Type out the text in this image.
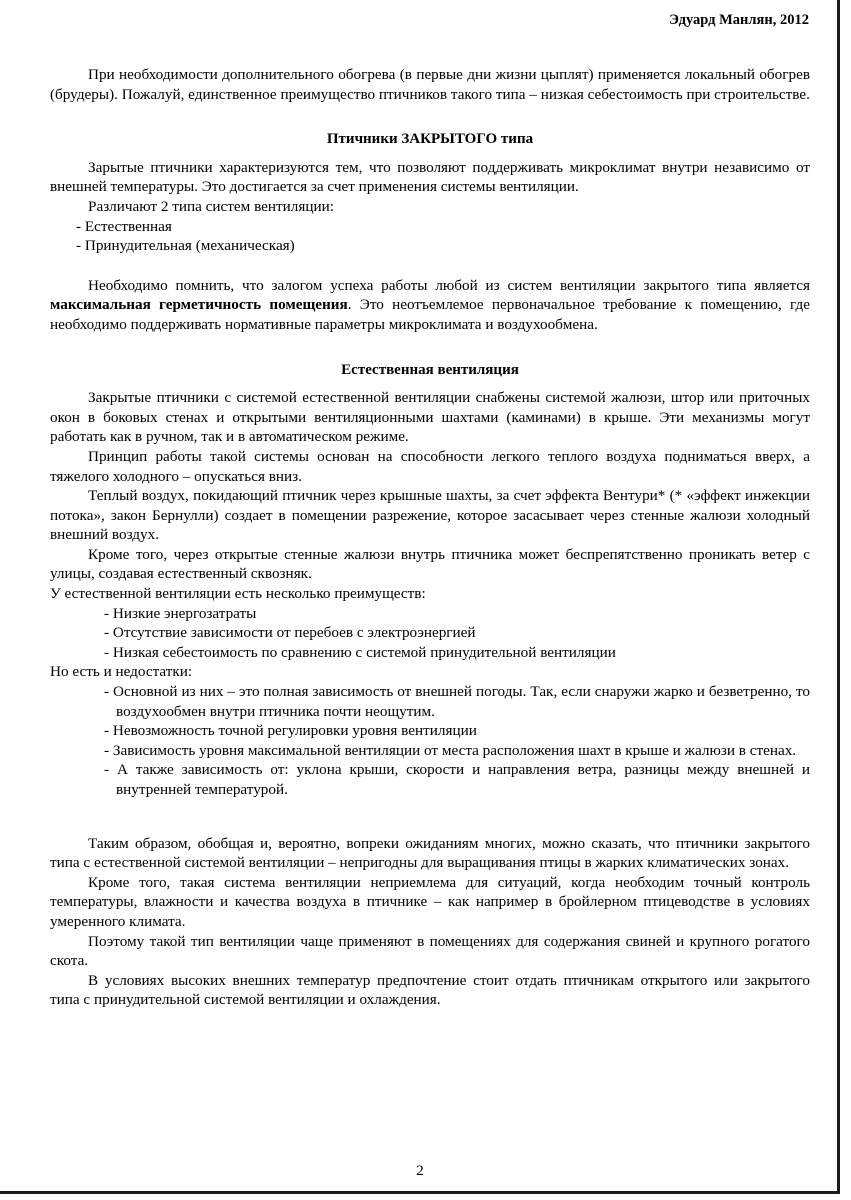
Эдуард Манлян, 2012

При необходимости дополнительного обогрева (в первые дни жизни цыплят) применяется локальный обогрев (брудеры). Пожалуй, единственное преимущество птичников такого типа – низкая себестоимость при строительстве.

Птичники ЗАКРЫТОГО типа

Зарытые птичники характеризуются тем, что позволяют поддерживать микроклимат внутри независимо от внешней температуры. Это достигается за счет применения системы вентиляции.

Различают 2 типа систем вентиляции:

- Естественная

- Принудительная (механическая)

Необходимо помнить, что залогом успеха работы любой из систем вентиляции закрытого типа является максимальная герметичность помещения. Это неотъемлемое первоначальное требование к помещению, где необходимо поддерживать нормативные параметры микроклимата и воздухообмена.

Естественная вентиляция

Закрытые птичники с системой естественной вентиляции снабжены системой жалюзи, штор или приточных окон в боковых стенах и открытыми вентиляционными шахтами (каминами) в крыше. Эти механизмы могут работать как в ручном, так и в автоматическом режиме.

Принцип работы такой системы основан на способности легкого теплого воздуха подниматься вверх, а тяжелого холодного – опускаться вниз.

Теплый воздух, покидающий птичник через крышные шахты, за счет эффекта Вентури* (* «эффект инжекции потока», закон Бернулли) создает в помещении разрежение, которое засасывает через стенные жалюзи холодный внешний воздух.

Кроме того, через открытые стенные жалюзи внутрь птичника может беспрепятственно проникать ветер с улицы, создавая естественный сквозняк.

У естественной вентиляции есть несколько преимуществ:

- Низкие энергозатраты
- Отсутствие зависимости от перебоев с электроэнергией
- Низкая себестоимость по сравнению с системой принудительной вентиляции

Но есть и недостатки:

- Основной из них – это полная зависимость от внешней погоды. Так, если снаружи жарко и безветренно, то воздухообмен внутри птичника почти неощутим.
- Невозможность точной регулировки уровня вентиляции
- Зависимость уровня максимальной вентиляции от места расположения шахт в крыше и жалюзи в стенах.
- А также зависимость от: уклона крыши, скорости и направления ветра, разницы между внешней и внутренней температурой.

Таким образом, обобщая и, вероятно, вопреки ожиданиям многих, можно сказать, что птичники закрытого типа с естественной системой вентиляции – непригодны для выращивания птицы в жарких климатических зонах.

Кроме того, такая система вентиляции неприемлема для ситуаций, когда необходим точный контроль температуры, влажности и качества воздуха в птичнике – как например в бройлерном птицеводстве в условиях умеренного климата.

Поэтому такой тип вентиляции чаще применяют в помещениях для содержания свиней и крупного рогатого скота.

В условиях высоких внешних температур предпочтение стоит отдать птичникам открытого или закрытого типа с принудительной системой вентиляции и охлаждения.

2
